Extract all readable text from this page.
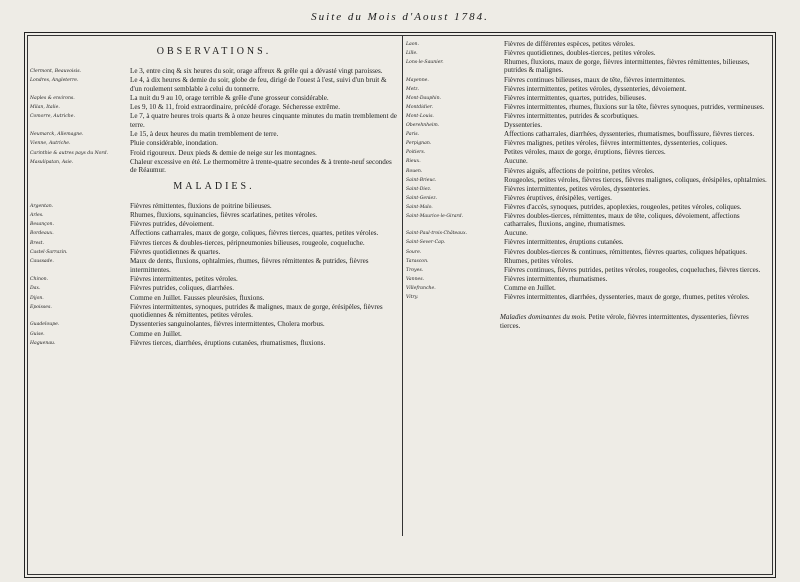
Suite du Mois d'Aoust 1784.
OBSERVATIONS.
Clermont, Beauvoisis.	Le 3, entre cinq & six heures du soir, orage affreux & grêle qui a dévasté vingt paroisses.
Londres, Angleterre.	Le 4, à dix heures & demie du soir, globe de feu, dirigé de l'ouest à l'est, suivi d'un bruit & d'un roulement semblable à celui du tonnerre.
Naples & environs.	La nuit du 9 au 10, orage terrible & grêle d'une grosseur considérable.
Milan, Italie.	Les 9, 10 & 11, froid extraordinaire, précédé d'orage. Sécheresse extrême.
Comorre, Autriche.	Le 7, à quatre heures trois quarts & à onze heures cinquante minutes du matin tremblement de terre.
Neumarck, Allemagne.	Le 15, à deux heures du matin tremblement de terre.
Vienne, Autriche.	Pluie considérable, inondation.
Carinthie & autres pays du Nord.	Froid rigoureux. Deux pieds & demie de neige sur les montagnes.
Masulipatan, Asie.	Chaleur excessive en été. Le thermomètre à trente-quatre secondes & à trente-neuf secondes de Réaumur.
MALADIES.
Argentan.	Fièvres rémittentes, fluxions de poitrine bilieuses.
Arles.	Rhumes, fluxions, squinancies, fièvres scarlatines, petites véroles.
Besançon.	Fièvres putrides, dévoiement.
Bordeaux.	Affections catharrales, maux de gorge, coliques, fièvres tierces, quartes, petites véroles.
Brest.	Fièvres tierces & doubles-tierces, péripneumonies bilieuses, rougeole, coqueluche.
Castel-Sarrazin.	Fièvres quotidiennes & quartes.
Caussade.	Maux de dents, fluxions, ophtalmies, rhumes, fièvres rémittentes & putrides, fièvres intermittentes.
Chinon.	Fièvres intermittentes, petites véroles.
Dax.	Fièvres putrides, coliques, diarrhées.
Dijon.	Comme en Juillet. Fausses pleurésies, fluxions.
Epoisses.	Fièvres intermittentes, synoques, putrides & malignes, maux de gorge, érésipèles, fièvres quotidiennes & rémittentes, petites véroles.
Guadeloupe.	Dyssenteries sanguinolantes, fièvres intermittentes, Cholera morbus.
Guise.	Comme en Juillet.
Haguenau.	Fièvres tierces, diarrhées, éruptions cutanées, rhumatismes, fluxions.
Laon.	Fièvres de différentes espèces, petites véroles.
Lille.	Fièvres quotidiennes, doubles-tierces, petites véroles.
Lons-le-Saunier.	Rhumes, fluxions, maux de gorge, fièvres intermittentes, fièvres rémittentes, bilieuses, putrides & malignes.
Mayenne.	Fièvres continues bilieuses, maux de tête, fièvres intermittentes.
Metz.	Fièvres intermittentes, petites véroles, dyssenteries, dévoiement.
Mont-Dauphin.	Fièvres intermittentes, quartes, putrides, bilieuses.
Montdidier.	Fièvres intermittentes, rhumes, fluxions sur la tête, fièvres synoques, putrides, vermineuses.
Mont-Louis.	Fièvres intermittentes, putrides & scorbutiques.
Oberehnheim.	Dyssenteries.
Paris.	Affections catharrales, diarrhées, dyssenteries, rhumatismes, bouffissure, fièvres tierces.
Perpignan.	Fièvres malignes, petites véroles, fièvres intermittentes, dyssenteries, coliques.
Poitiers.	Petites véroles, maux de gorge, éruptions, fièvres tierces.
Rieux.	Aucune.
Rouen.	Fièvres aiguës, affections de poitrine, petites véroles.
Saint-Brieuc.	Rougeoles, petites véroles, fièvres tierces, fièvres malignes, coliques, érésipèles, ophtalmies.
Saint-Diez.	Fièvres intermittentes, petites véroles, dyssenteries.
Saint-Geniez.	Fièvres éruptives, érésipèles, vertiges.
Saint-Malo.	Fièvres d'accès, synoques, putrides, apoplexies, rougeoles, petites véroles, coliques.
Saint-Maurice-le-Girard.	Fièvres doubles-tierces, rémittentes, maux de tête, coliques, dévoiement, affections catharrales, fluxions, angine, rhumatismes.
Saint-Paul-trois-Châteaux.	Aucune.
Saint-Sever-Cap.	Fièvres intermittentes, éruptions cutanées.
Soure.	Fièvres doubles-tierces & continues, rémittentes, fièvres quartes, coliques hépatiques.
Tarascon.	Rhumes, petites véroles.
Troyes.	Fièvres continues, fièvres putrides, petites véroles, rougeoles, coqueluches, fièvres tierces.
Vannes.	Fièvres intermittentes, rhumatismes.
Villefranche.	Comme en Juillet.
Vitry.	Fièvres intermittentes, diarrhées, dyssenteries, maux de gorge, rhumes, petites véroles.
Maladies dominantes du mois. Petite vérole, fièvres intermittentes, dyssenteries, fièvres tierces.
